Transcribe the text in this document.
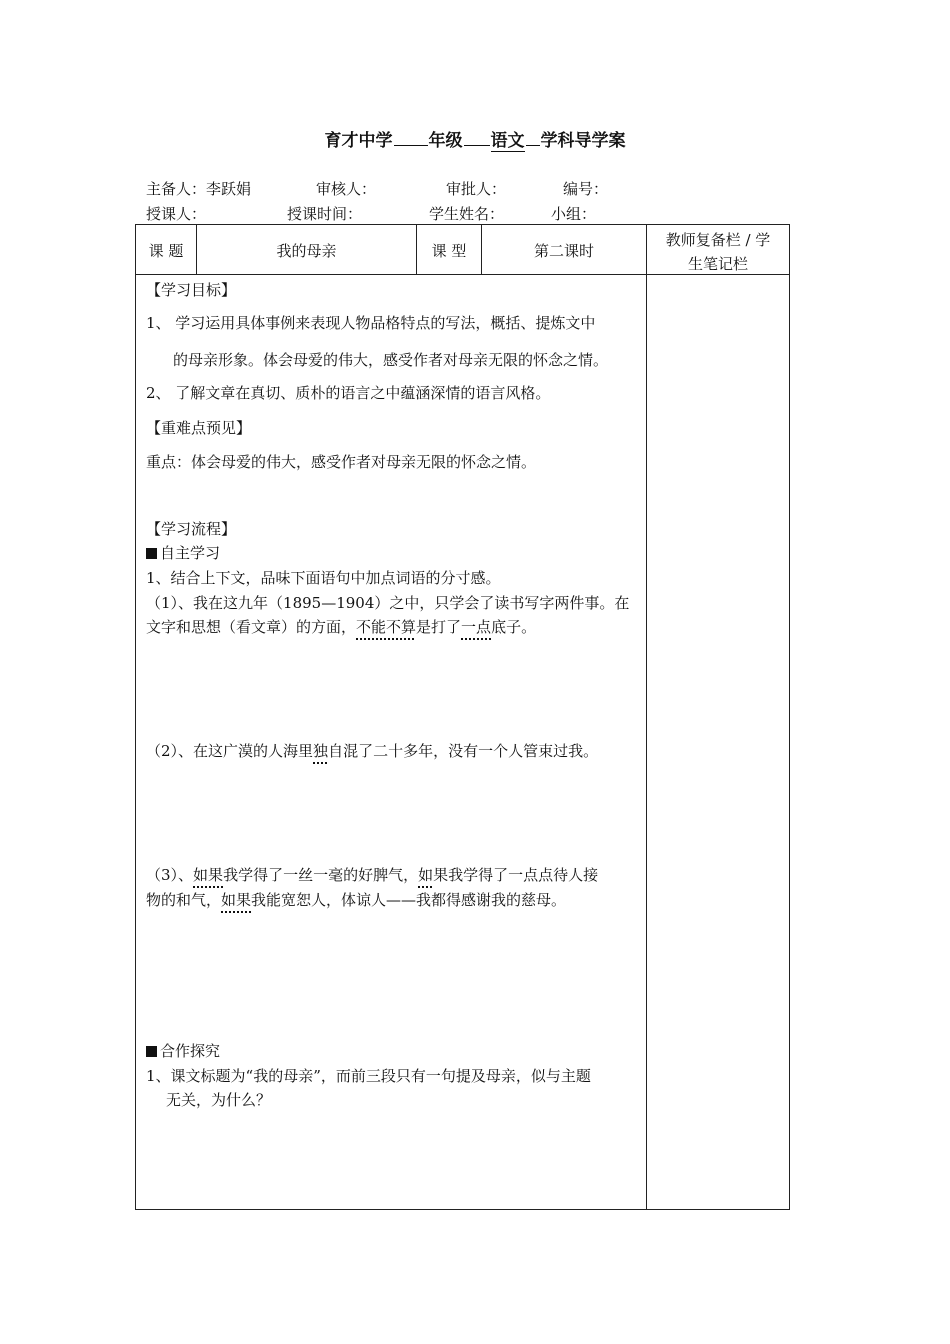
育才中学 年级 语文 学科导学案
主备人：李跃娟	审核人：	审批人：	编号：
授课人：	授课时间：	学生姓名：	小组：
课 题	我的母亲	课 型	第二课时
教师复备栏 / 学
生笔记栏
【学习目标】
1、 学习运用具体事例来表现人物品格特点的写法，概括、提炼文中
的母亲形象。体会母爱的伟大，感受作者对母亲无限的怀念之情。
2、 了解文章在真切、质朴的语言之中蕴涵深情的语言风格。
【重难点预见】
重点：体会母爱的伟大，感受作者对母亲无限的怀念之情。
【学习流程】
自主学习
1、结合上下文，品味下面语句中加点词语的分寸感。
（1）、我在这九年（1895—1904）之中，只学会了读书写字两件事。在
文字和思想（看文章）的方面，不能不算是打了一点底子。
（2）、在这广漠的人海里独自混了二十多年，没有一个人管束过我。
（3）、如果我学得了一丝一毫的好脾气，如果我学得了一点点待人接
物的和气，如果我能宽恕人，体谅人——我都得感谢我的慈母。
合作探究
1、课文标题为“我的母亲”，而前三段只有一句提及母亲，似与主题
无关，为什么？
